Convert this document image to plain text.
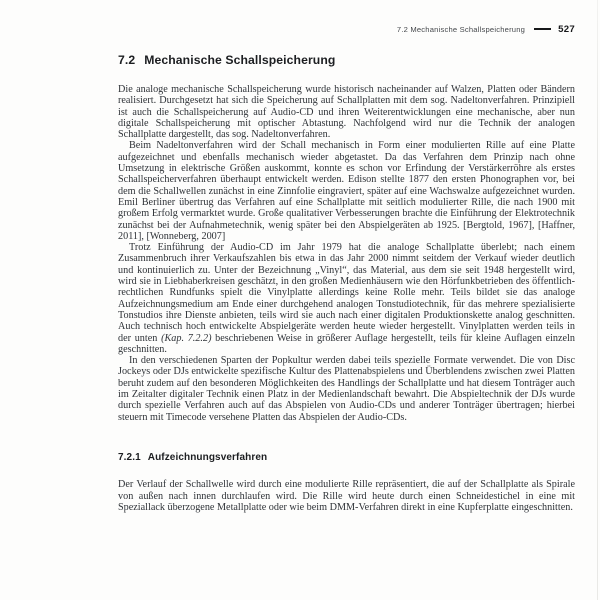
7.2 Mechanische Schallspeicherung	527
7.2 Mechanische Schallspeicherung

Die analoge mechanische Schallspeicherung wurde historisch nacheinander auf Walzen, Platten oder Bändern realisiert. Durchgesetzt hat sich die Speicherung auf Schallplatten mit dem sog. Nadeltonverfahren. Prinzipiell ist auch die Schallspeicherung auf Audio-CD und ihren Weiterentwicklungen eine mechanische, aber nun digitale Schallspeicherung mit optischer Abtastung. Nachfolgend wird nur die Technik der analogen Schallplatte dargestellt, das sog. Nadeltonverfahren.

Beim Nadeltonverfahren wird der Schall mechanisch in Form einer modulierten Rille auf eine Platte aufgezeichnet und ebenfalls mechanisch wieder abgetastet. Da das Verfahren dem Prinzip nach ohne Umsetzung in elektrische Größen auskommt, konnte es schon vor Erfindung der Verstärkerröhre als erstes Schallspeicherverfahren überhaupt entwickelt werden. Edison stellte 1877 den ersten Phonographen vor, bei dem die Schallwellen zunächst in eine Zinnfolie eingraviert, später auf eine Wachswalze aufgezeichnet wurden. Emil Berliner übertrug das Verfahren auf eine Schallplatte mit seitlich modulierter Rille, die nach 1900 mit großem Erfolg vermarktet wurde. Große qualitativer Verbesserungen brachte die Einführung der Elektrotechnik zunächst bei der Aufnahmetechnik, wenig später bei den Abspielgeräten ab 1925. [Bergtold, 1967], [Haffner, 2011], [Wonneberg, 2007]

Trotz Einführung der Audio-CD im Jahr 1979 hat die analoge Schallplatte überlebt; nach einem Zusammenbruch ihrer Verkaufszahlen bis etwa in das Jahr 2000 nimmt seitdem der Verkauf wieder deutlich und kontinuierlich zu. Unter der Bezeichnung „Vinyl“, das Material, aus dem sie seit 1948 hergestellt wird, wird sie in Liebhaberkreisen geschätzt, in den großen Medienhäusern wie den Hörfunkbetrieben des öffentlich-rechtlichen Rundfunks spielt die Vinylplatte allerdings keine Rolle mehr. Teils bildet sie das analoge Aufzeichnungsmedium am Ende einer durchgehend analogen Tonstudiotechnik, für das mehrere spezialisierte Tonstudios ihre Dienste anbieten, teils wird sie auch nach einer digitalen Produktionskette analog geschnitten. Auch technisch hoch entwickelte Abspielgeräte werden heute wieder hergestellt. Vinylplatten werden teils in der unten (Kap. 7.2.2) beschriebenen Weise in größerer Auflage hergestellt, teils für kleine Auflagen einzeln geschnitten.

In den verschiedenen Sparten der Popkultur werden dabei teils spezielle Formate verwendet. Die von Disc Jockeys oder DJs entwickelte spezifische Kultur des Plattenabspielens und Überblendens zwischen zwei Platten beruht zudem auf den besonderen Möglichkeiten des Handlings der Schallplatte und hat diesem Tonträger auch im Zeitalter digitaler Technik einen Platz in der Medienlandschaft bewahrt. Die Abspieltechnik der DJs wurde durch spezielle Verfahren auch auf das Abspielen von Audio-CDs und anderer Tonträger übertragen; hierbei steuern mit Timecode versehene Platten das Abspielen der Audio-CDs.

7.2.1 Aufzeichnungsverfahren

Der Verlauf der Schallwelle wird durch eine modulierte Rille repräsentiert, die auf der Schallplatte als Spirale von außen nach innen durchlaufen wird. Die Rille wird heute durch einen Schneidestichel in eine mit Speziallack überzogene Metallplatte oder wie beim DMM-Verfahren direkt in eine Kupferplatte eingeschnitten.
